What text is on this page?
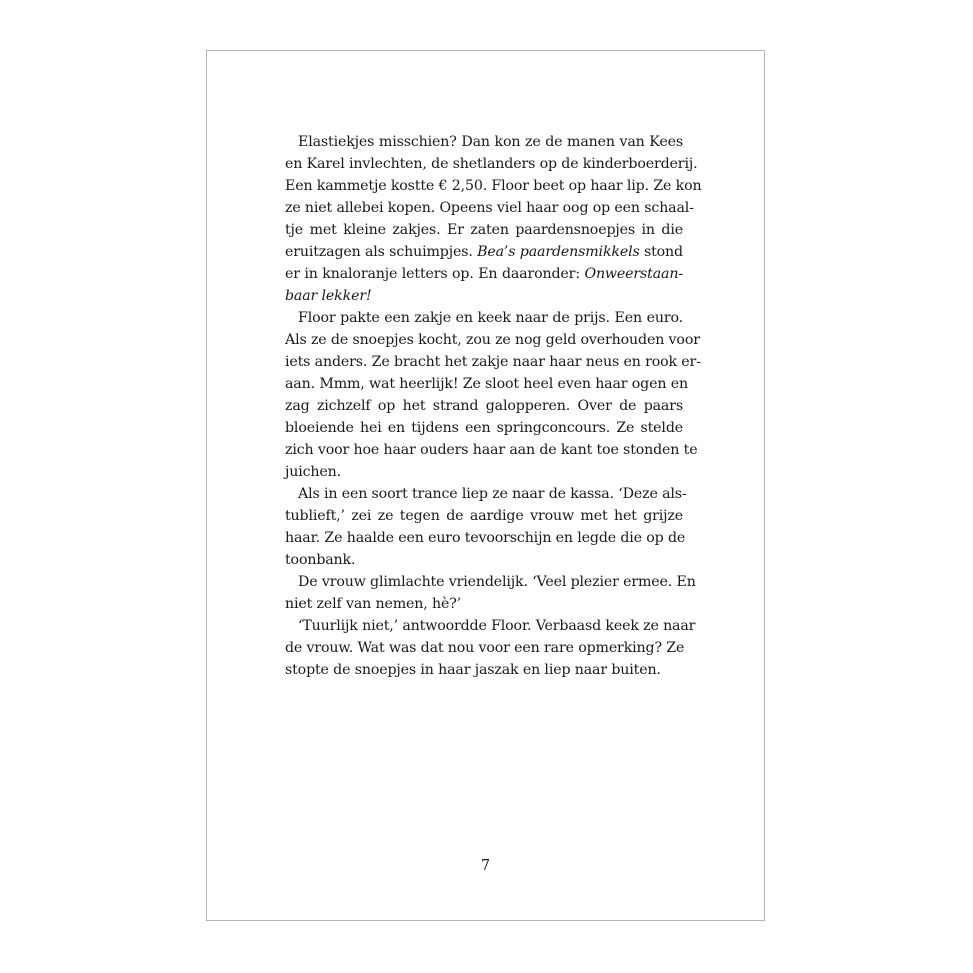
Elastiekjes misschien? Dan kon ze de manen van Kees
en Karel invlechten, de shetlanders op de kinderboerderij.
Een kammetje kostte € 2,50. Floor beet op haar lip. Ze kon
ze niet allebei kopen. Opeens viel haar oog op een schaal-
tje met kleine zakjes. Er zaten paardensnoepjes in die
eruitzagen als schuimpjes. Bea’s paardensmikkels stond
er in knaloranje letters op. En daaronder: Onweerstaan-
baar lekker!
Floor pakte een zakje en keek naar de prijs. Een euro.
Als ze de snoepjes kocht, zou ze nog geld overhouden voor
iets anders. Ze bracht het zakje naar haar neus en rook er-
aan. Mmm, wat heerlijk! Ze sloot heel even haar ogen en
zag zichzelf op het strand galopperen. Over de paars
bloeiende hei en tijdens een springconcours. Ze stelde
zich voor hoe haar ouders haar aan de kant toe stonden te
juichen.
Als in een soort trance liep ze naar de kassa. ‘Deze als-
tublieft,’ zei ze tegen de aardige vrouw met het grijze
haar. Ze haalde een euro tevoorschijn en legde die op de
toonbank.
De vrouw glimlachte vriendelijk. ‘Veel plezier ermee. En
niet zelf van nemen, hè?’
‘Tuurlijk niet,’ antwoordde Floor. Verbaasd keek ze naar
de vrouw. Wat was dat nou voor een rare opmerking? Ze
stopte de snoepjes in haar jaszak en liep naar buiten.
7
